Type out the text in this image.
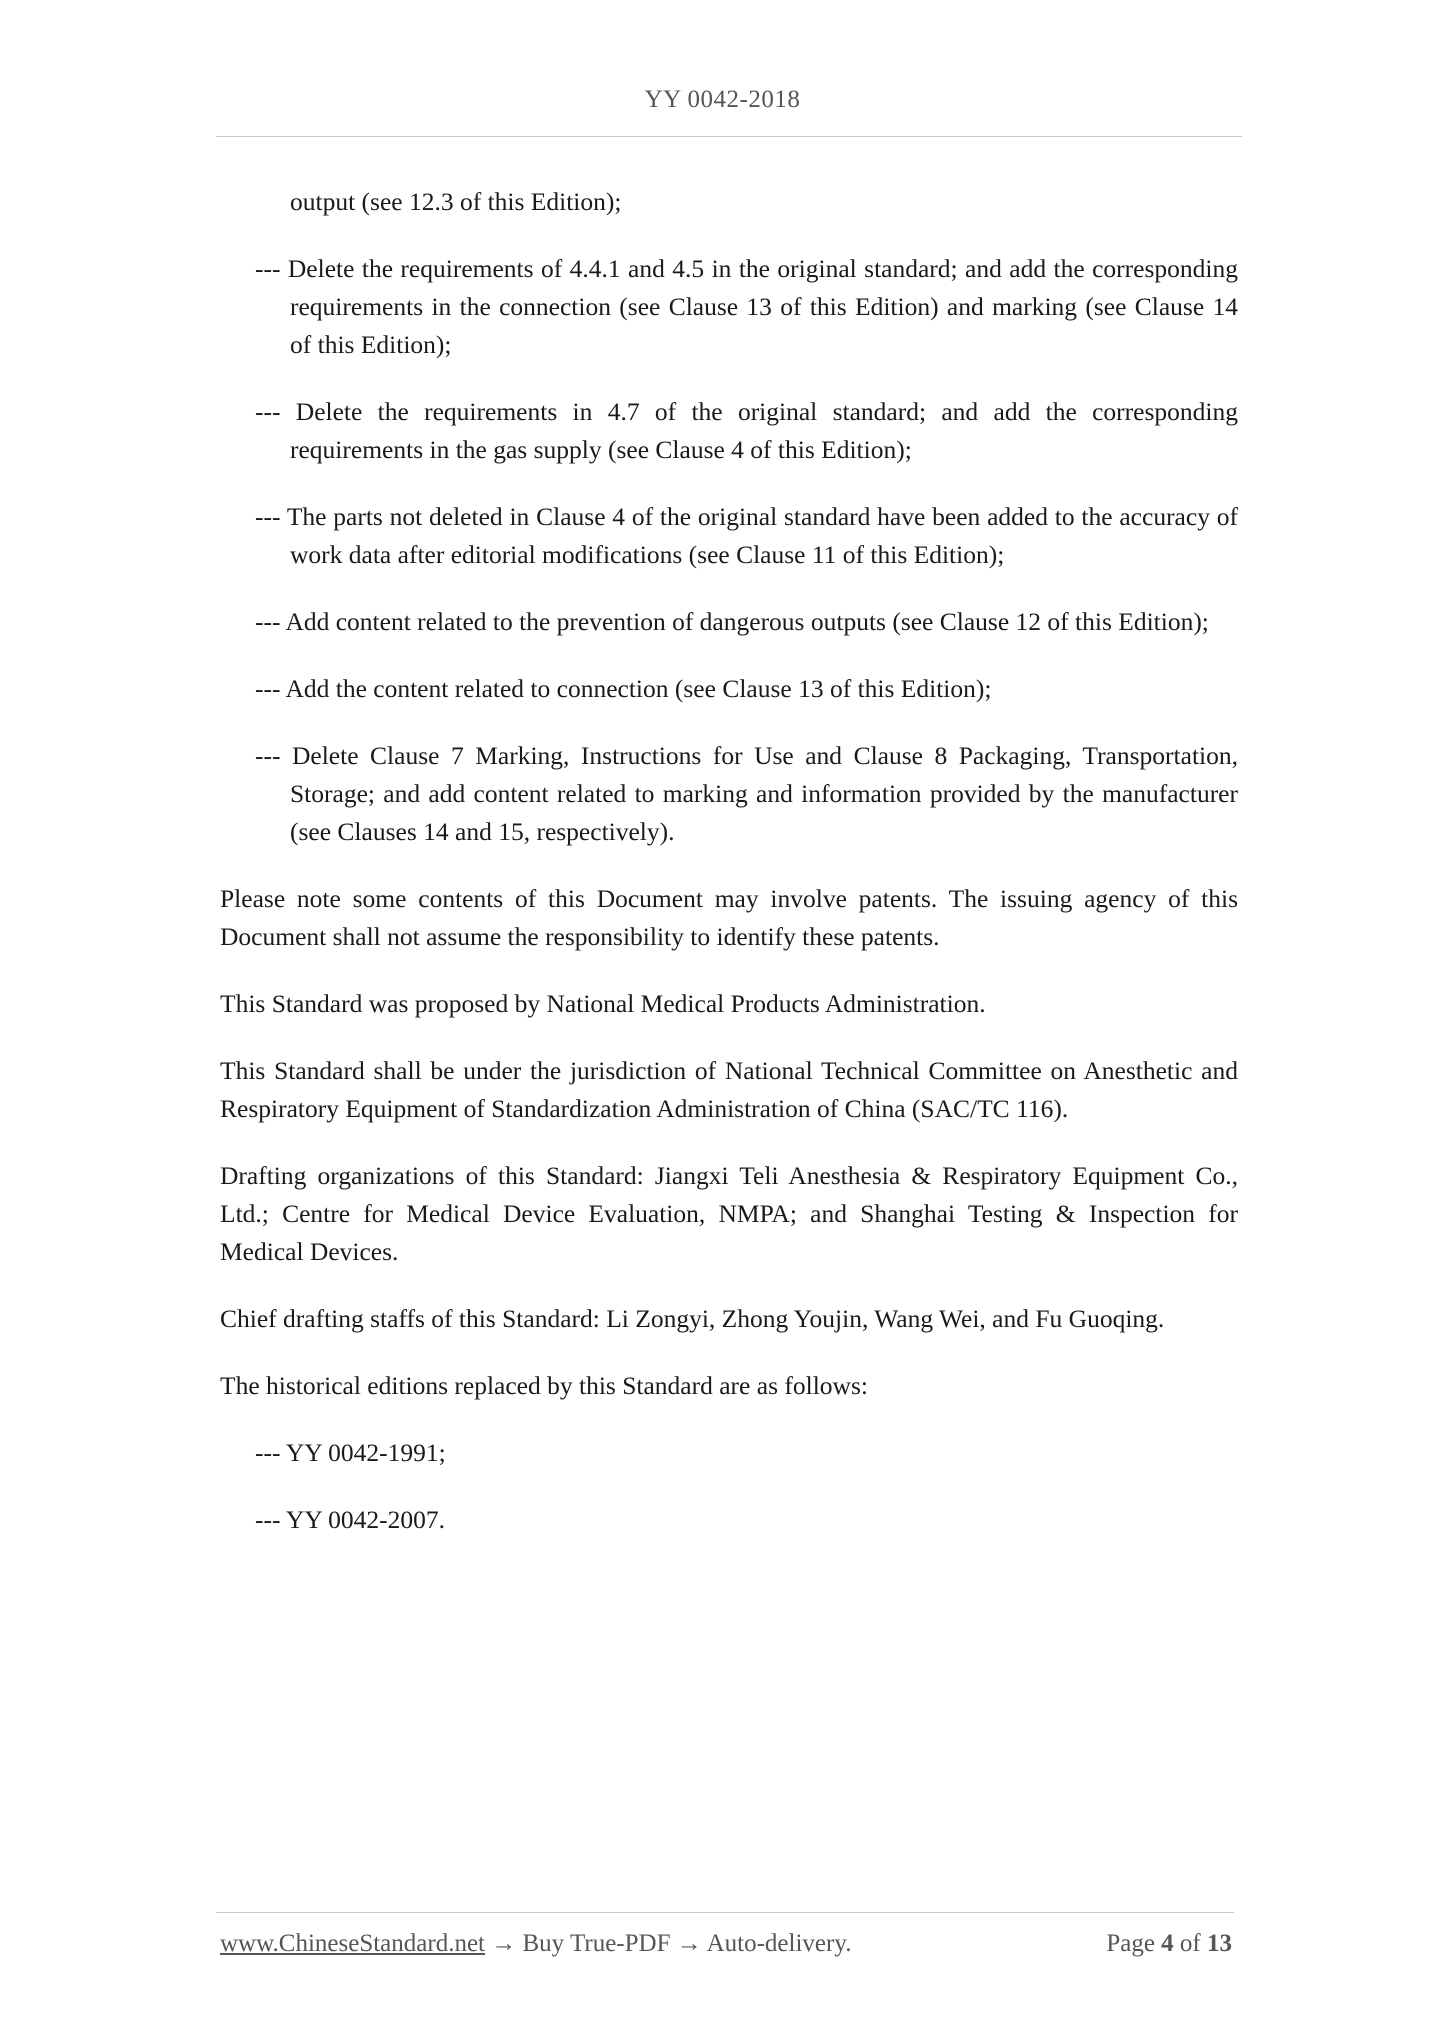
YY 0042-2018
output (see 12.3 of this Edition);
--- Delete the requirements of 4.4.1 and 4.5 in the original standard; and add the corresponding requirements in the connection (see Clause 13 of this Edition) and marking (see Clause 14 of this Edition);
--- Delete the requirements in 4.7 of the original standard; and add the corresponding requirements in the gas supply (see Clause 4 of this Edition);
--- The parts not deleted in Clause 4 of the original standard have been added to the accuracy of work data after editorial modifications (see Clause 11 of this Edition);
--- Add content related to the prevention of dangerous outputs (see Clause 12 of this Edition);
--- Add the content related to connection (see Clause 13 of this Edition);
--- Delete Clause 7 Marking, Instructions for Use and Clause 8 Packaging, Transportation, Storage; and add content related to marking and information provided by the manufacturer (see Clauses 14 and 15, respectively).
Please note some contents of this Document may involve patents. The issuing agency of this Document shall not assume the responsibility to identify these patents.
This Standard was proposed by National Medical Products Administration.
This Standard shall be under the jurisdiction of National Technical Committee on Anesthetic and Respiratory Equipment of Standardization Administration of China (SAC/TC 116).
Drafting organizations of this Standard: Jiangxi Teli Anesthesia & Respiratory Equipment Co., Ltd.; Centre for Medical Device Evaluation, NMPA; and Shanghai Testing & Inspection for Medical Devices.
Chief drafting staffs of this Standard: Li Zongyi, Zhong Youjin, Wang Wei, and Fu Guoqing.
The historical editions replaced by this Standard are as follows:
--- YY 0042-1991;
--- YY 0042-2007.
www.ChineseStandard.net → Buy True-PDF → Auto-delivery.	Page 4 of 13
